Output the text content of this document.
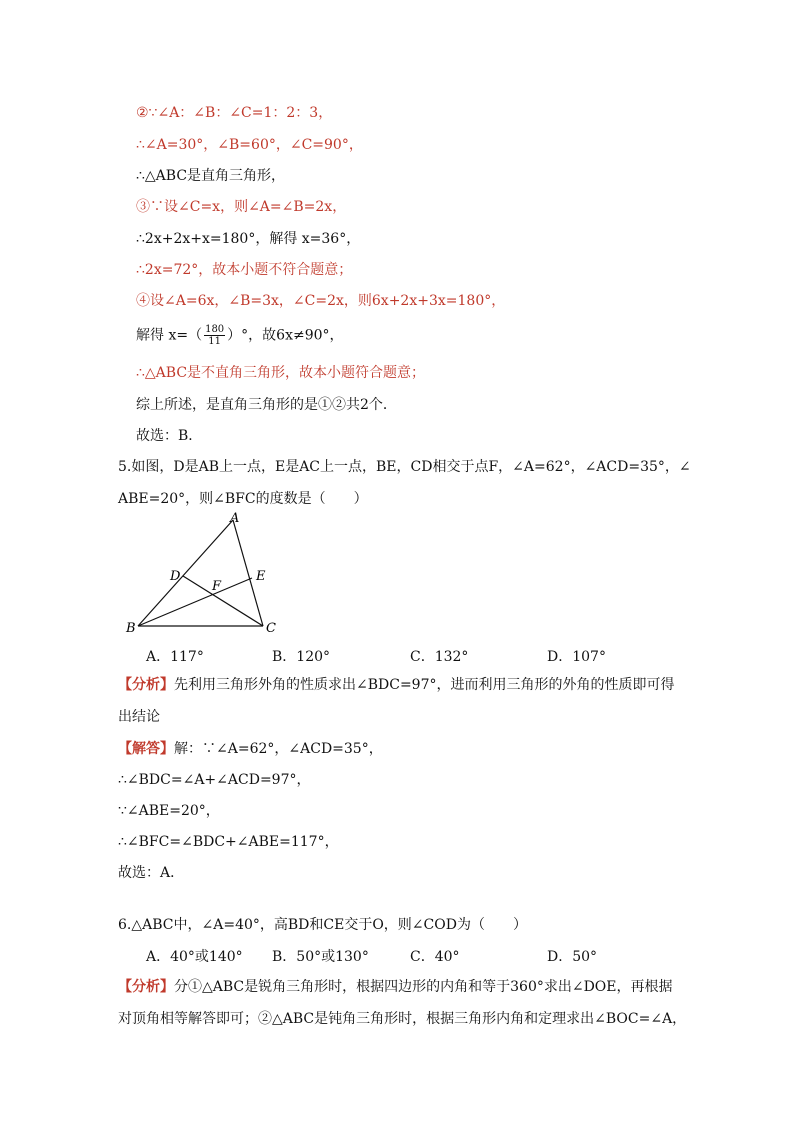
②∵∠A：∠B：∠C=1：2：3，
∴∠A=30°，∠B=60°，∠C=90°，
∴△ABC是直角三角形，
③∵设∠C=x，则∠A=∠B=2x，
∴2x+2x+x=180°，解得 x=36°，
∴2x=72°，故本小题不符合题意；
④设∠A=6x，∠B=3x，∠C=2x，则6x+2x+3x=180°，
解得 $x=( \frac{180}{11}$ ）°，故6x≠90°，
∴△ABC是不直角三角形，故本小题符合题意；
综上所述，是直角三角形的是①②共2个．
故选：B．
5.如图，D是AB上一点，E是AC上一点，BE，CD相交于点F，∠A=62°，∠ACD=35°，∠
ABE=20°，则∠BFC的度数是（　　）
A
B	C
D	E
F
A．117°	B．120°	C．132°	D．107°
【分析】先利用三角形外角的性质求出∠BDC=97°，进而利用三角形的外角的性质即可得
出结论
【解答】解：∵∠A=62°，∠ACD=35°，
∴∠BDC=∠A+∠ACD=97°，
∵∠ABE=20°，
∴∠BFC=∠BDC+∠ABE=117°，
故选：A．
6.△ABC中，∠A=40°，高BD和CE交于O，则∠COD为（　　）
A．40°或140° B．50°或130°	C．40°	D．50°
【分析】分①△ABC是锐角三角形时，根据四边形的内角和等于360°求出∠DOE，再根据
对顶角相等解答即可；②△ABC是钝角三角形时，根据三角形内角和定理求出∠BOC=∠A，
